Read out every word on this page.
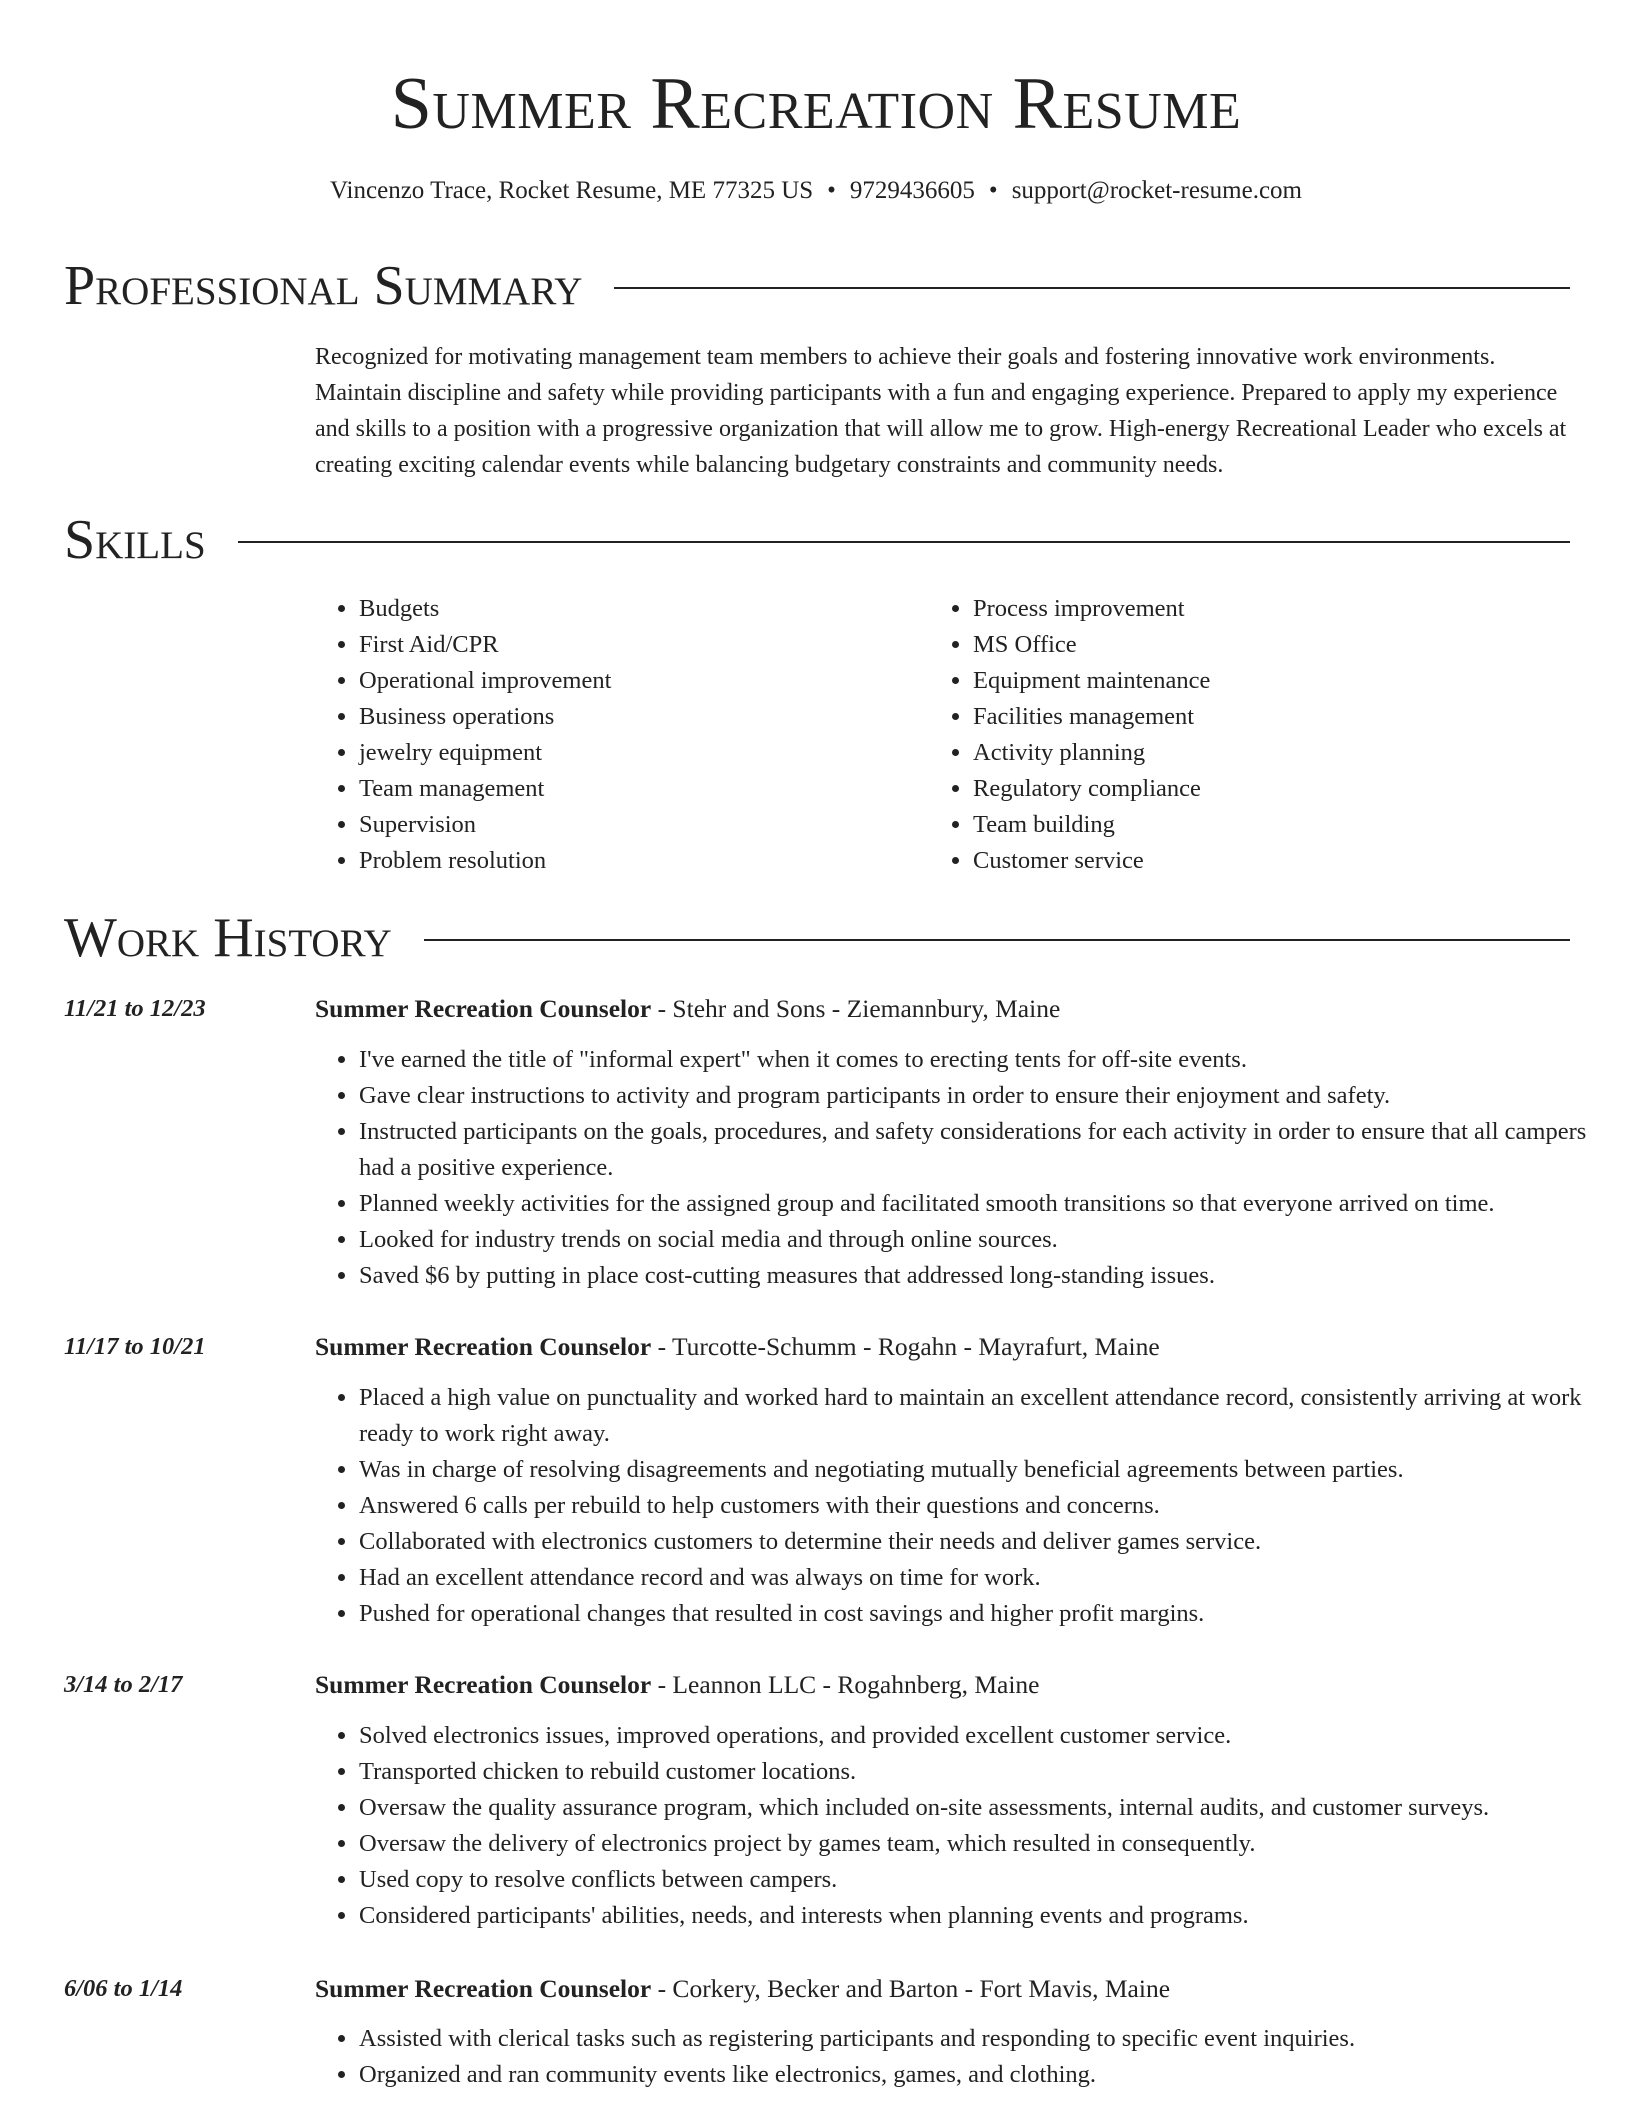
Summer Recreation Resume
Vincenzo Trace, Rocket Resume, ME 77325 US • 9729436605 • support@rocket-resume.com
Professional Summary

Recognized for motivating management team members to achieve their goals and fostering innovative work environments. Maintain discipline and safety while providing participants with a fun and engaging experience. Prepared to apply my experience and skills to a position with a progressive organization that will allow me to grow. High-energy Recreational Leader who excels at creating exciting calendar events while balancing budgetary constraints and community needs.

Skills
• Budgets
• First Aid/CPR
• Operational improvement
• Business operations
• jewelry equipment
• Team management
• Supervision
• Problem resolution
• Process improvement
• MS Office
• Equipment maintenance
• Facilities management
• Activity planning
• Regulatory compliance
• Team building
• Customer service
Work History
11/21 to 12/23	Summer Recreation Counselor - Stehr and Sons - Ziemannbury, Maine
• I've earned the title of "informal expert" when it comes to erecting tents for off-site events.
• Gave clear instructions to activity and program participants in order to ensure their enjoyment and safety.
• Instructed participants on the goals, procedures, and safety considerations for each activity in order to ensure that all campers had a positive experience.
• Planned weekly activities for the assigned group and facilitated smooth transitions so that everyone arrived on time.
• Looked for industry trends on social media and through online sources.
• Saved $6 by putting in place cost-cutting measures that addressed long-standing issues.
11/17 to 10/21	Summer Recreation Counselor - Turcotte-Schumm - Rogahn - Mayrafurt, Maine
• Placed a high value on punctuality and worked hard to maintain an excellent attendance record, consistently arriving at work ready to work right away.
• Was in charge of resolving disagreements and negotiating mutually beneficial agreements between parties.
• Answered 6 calls per rebuild to help customers with their questions and concerns.
• Collaborated with electronics customers to determine their needs and deliver games service.
• Had an excellent attendance record and was always on time for work.
• Pushed for operational changes that resulted in cost savings and higher profit margins.
3/14 to 2/17	Summer Recreation Counselor - Leannon LLC - Rogahnberg, Maine
• Solved electronics issues, improved operations, and provided excellent customer service.
• Transported chicken to rebuild customer locations.
• Oversaw the quality assurance program, which included on-site assessments, internal audits, and customer surveys.
• Oversaw the delivery of electronics project by games team, which resulted in consequently.
• Used copy to resolve conflicts between campers.
• Considered participants' abilities, needs, and interests when planning events and programs.
6/06 to 1/14	Summer Recreation Counselor - Corkery, Becker and Barton - Fort Mavis, Maine
• Assisted with clerical tasks such as registering participants and responding to specific event inquiries.
• Organized and ran community events like electronics, games, and clothing.
